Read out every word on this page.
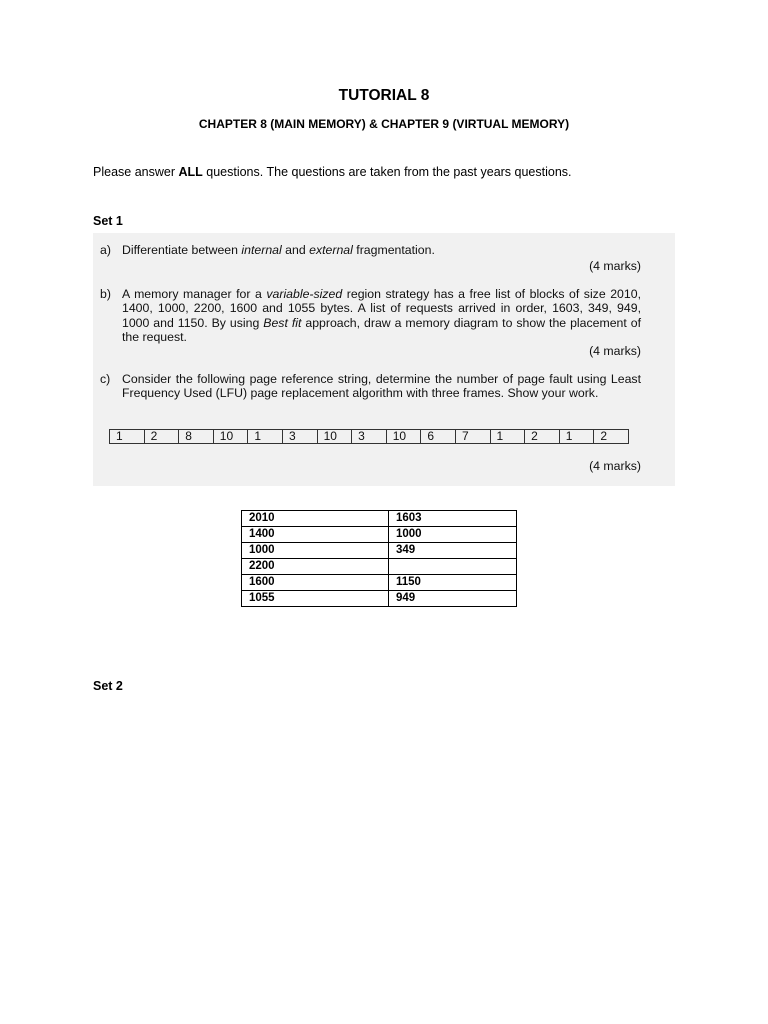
TUTORIAL 8
CHAPTER 8 (MAIN MEMORY) & CHAPTER 9 (VIRTUAL MEMORY)
Please answer ALL questions. The questions are taken from the past years questions.
Set 1
a) Differentiate between internal and external fragmentation.
(4 marks)
b) A memory manager for a variable-sized region strategy has a free list of blocks of size 2010, 1400, 1000, 2200, 1600 and 1055 bytes. A list of requests arrived in order, 1603, 349, 949, 1000 and 1150. By using Best fit approach, draw a memory diagram to show the placement of the request.
(4 marks)
c) Consider the following page reference string, determine the number of page fault using Least Frequency Used (LFU) page replacement algorithm with three frames. Show your work.
1	2	8	10	1	3	10	3	10	6	7	1	2	1	2
(4 marks)
2010	1603
1400	1000
1000	349
2200	
1600	1150
1055	949
Set 2
